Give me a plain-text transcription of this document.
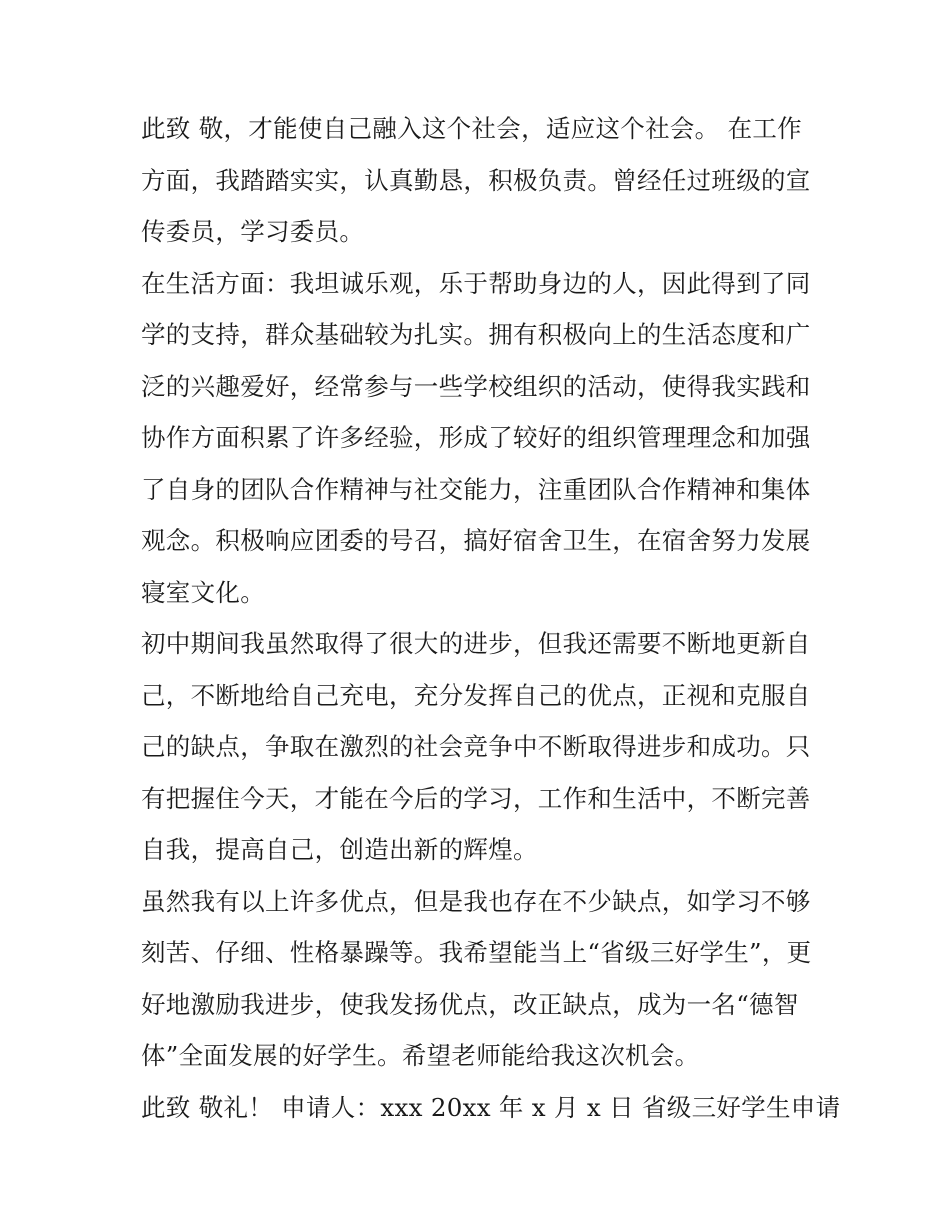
此致 敬，才能使自己融入这个社会，适应这个社会。 在工作
方面，我踏踏实实，认真勤恳，积极负责。曾经任过班级的宣
传委员，学习委员。
在生活方面：我坦诚乐观，乐于帮助身边的人，因此得到了同
学的支持，群众基础较为扎实。拥有积极向上的生活态度和广
泛的兴趣爱好，经常参与一些学校组织的活动，使得我实践和
协作方面积累了许多经验，形成了较好的组织管理理念和加强
了自身的团队合作精神与社交能力，注重团队合作精神和集体
观念。积极响应团委的号召，搞好宿舍卫生，在宿舍努力发展
寝室文化。
初中期间我虽然取得了很大的进步，但我还需要不断地更新自
己，不断地给自己充电，充分发挥自己的优点，正视和克服自
己的缺点，争取在激烈的社会竞争中不断取得进步和成功。只
有把握住今天，才能在今后的学习，工作和生活中，不断完善
自我，提高自己，创造出新的辉煌。
虽然我有以上许多优点，但是我也存在不少缺点，如学习不够
刻苦、仔细、性格暴躁等。我希望能当上“省级三好学生”，更
好地激励我进步，使我发扬优点，改正缺点，成为一名“德智
体”全面发展的好学生。希望老师能给我这次机会。
此致 敬礼！ 申请人：xxx 20xx 年 x 月 x 日 省级三好学生申请
